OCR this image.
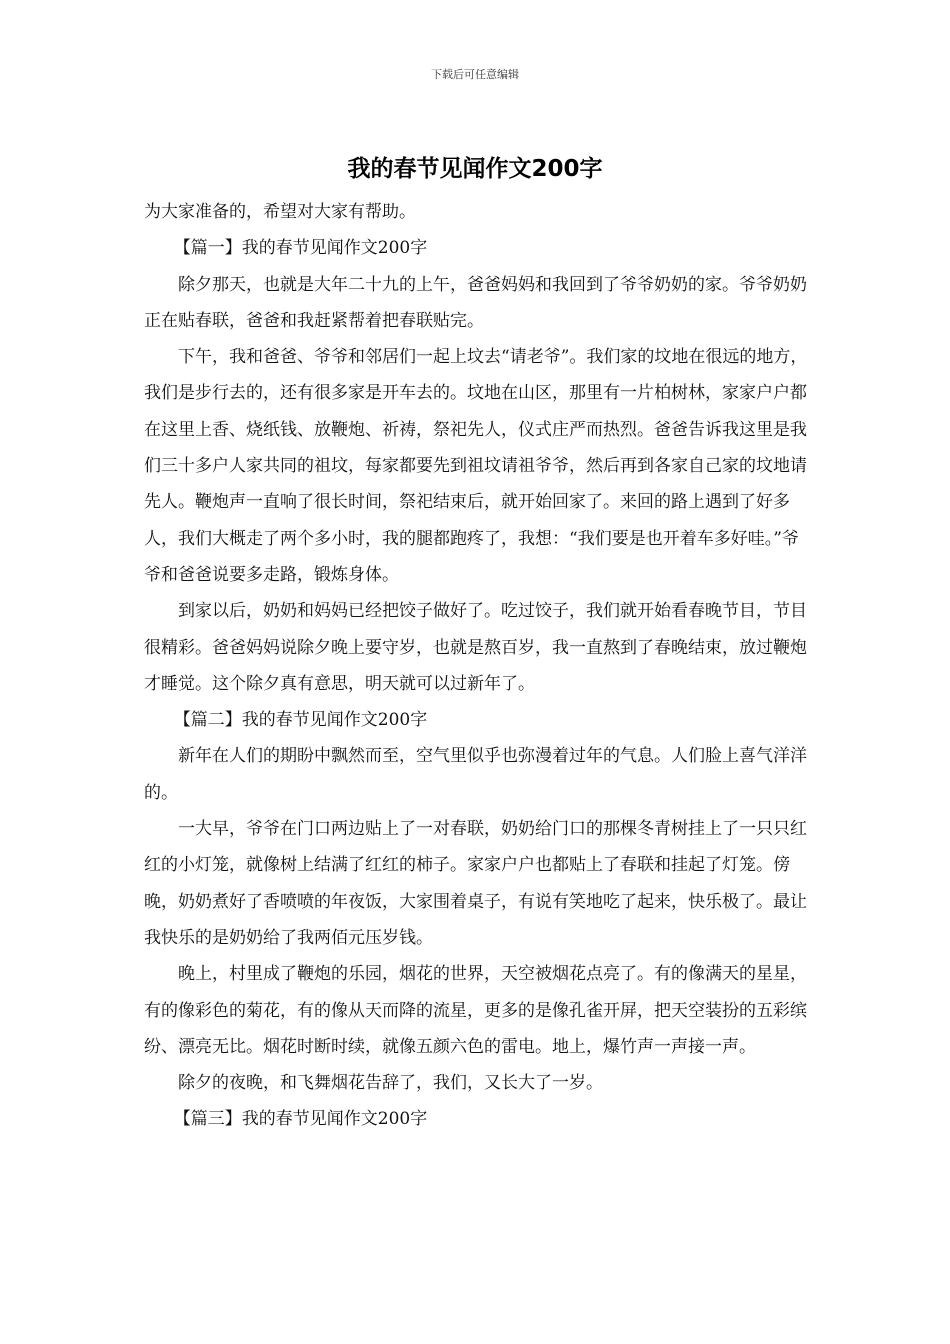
下载后可任意编辑
我的春节见闻作文200字

为大家准备的，希望对大家有帮助。

【篇一】我的春节见闻作文200字

除夕那天，也就是大年二十九的上午，爸爸妈妈和我回到了爷爷奶奶的家。爷爷奶奶正在贴春联，爸爸和我赶紧帮着把春联贴完。

下午，我和爸爸、爷爷和邻居们一起上坟去“请老爷”。我们家的坟地在很远的地方，我们是步行去的，还有很多家是开车去的。坟地在山区，那里有一片柏树林，家家户户都在这里上香、烧纸钱、放鞭炮、祈祷，祭祀先人，仪式庄严而热烈。爸爸告诉我这里是我们三十多户人家共同的祖坟，每家都要先到祖坟请祖爷爷，然后再到各家自己家的坟地请先人。鞭炮声一直响了很长时间，祭祀结束后，就开始回家了。来回的路上遇到了好多人，我们大概走了两个多小时，我的腿都跑疼了，我想：“我们要是也开着车多好哇。”爷爷和爸爸说要多走路，锻炼身体。

到家以后，奶奶和妈妈已经把饺子做好了。吃过饺子，我们就开始看春晚节目，节目很精彩。爸爸妈妈说除夕晚上要守岁，也就是熬百岁，我一直熬到了春晚结束，放过鞭炮才睡觉。这个除夕真有意思，明天就可以过新年了。

【篇二】我的春节见闻作文200字

新年在人们的期盼中飘然而至，空气里似乎也弥漫着过年的气息。人们脸上喜气洋洋的。

一大早，爷爷在门口两边贴上了一对春联，奶奶给门口的那棵冬青树挂上了一只只红红的小灯笼，就像树上结满了红红的柿子。家家户户也都贴上了春联和挂起了灯笼。傍晚，奶奶煮好了香喷喷的年夜饭，大家围着桌子，有说有笑地吃了起来，快乐极了。最让我快乐的是奶奶给了我两佰元压岁钱。

晚上，村里成了鞭炮的乐园，烟花的世界，天空被烟花点亮了。有的像满天的星星，有的像彩色的菊花，有的像从天而降的流星，更多的是像孔雀开屏，把天空装扮的五彩缤纷、漂亮无比。烟花时断时续，就像五颜六色的雷电。地上，爆竹声一声接一声。

除夕的夜晚，和飞舞烟花告辞了，我们，又长大了一岁。

【篇三】我的春节见闻作文200字
